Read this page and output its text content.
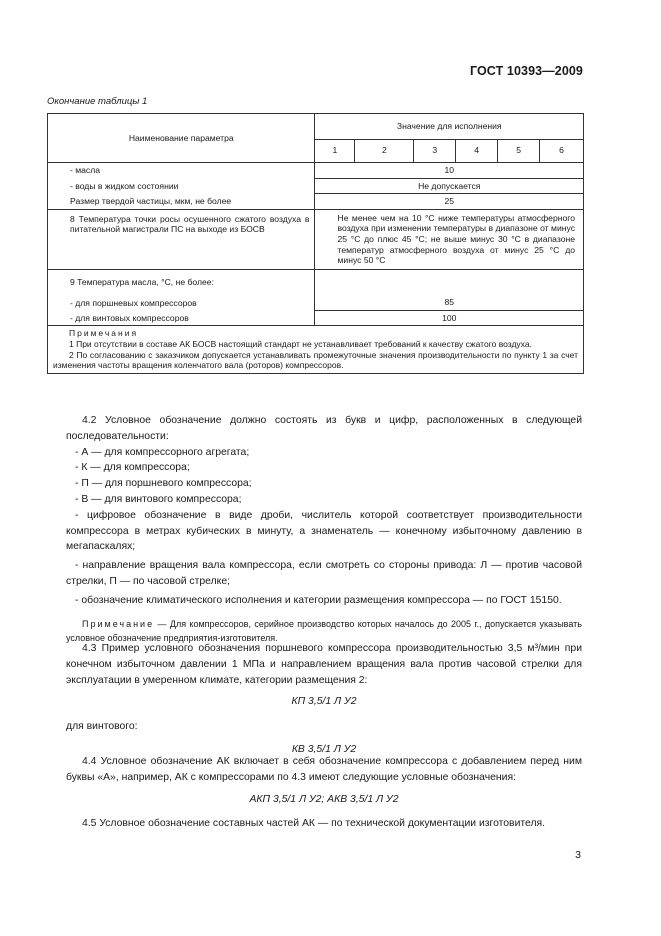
ГОСТ 10393—2009
Окончание таблицы 1
Наименование параметра	Значение для исполнения					
	1	2	3	4	5	6
- масла	10					
- воды в жидком состоянии	Не допускается					
Размер твердой частицы, мкм, не более	25					
8 Температура точки росы осушенного сжатого воздуха в питательной магистрали ПС на выходе из БОСВ	Не менее чем на 10 °С ниже температуры атмосферного воздуха при изменении температуры в диапазоне от минус 25 °С до плюс 45 °С; не выше минус 30 °С в диапазоне температур атмосферного воздуха от минус 25 °С до минус 50 °С					
9 Температура масла, °С, не более:						
- для поршневых компрессоров	85					
- для винтовых компрессоров	100					

Примечания
1 При отсутствии в составе АК БОСВ настоящий стандарт не устанавливает требований к качеству сжатого воздуха.
2 По согласованию с заказчиком допускается устанавливать промежуточные значения производительности по пункту 1 за счет изменения частоты вращения коленчатого вала (роторов) компрессоров.						
4.2 Условное обозначение должно состоять из букв и цифр, расположенных в следующей последовательности:
- А — для компрессорного агрегата;
- К — для компрессора;
- П — для поршневого компрессора;
- В — для винтового компрессора;
- цифровое обозначение в виде дроби, числитель которой соответствует производительности компрессора в метрах кубических в минуту, а знаменатель — конечному избыточному давлению в мегапаскалях;
- направление вращения вала компрессора, если смотреть со стороны привода: Л — против часовой стрелки, П — по часовой стрелке;
- обозначение климатического исполнения и категории размещения компрессора — по ГОСТ 15150.
Примечание — Для компрессоров, серийное производство которых началось до 2005 г., допускается указывать условное обозначение предприятия-изготовителя.
4.3 Пример условного обозначения поршневого компрессора производительностью 3,5 м³/мин при конечном избыточном давлении 1 МПа и направлением вращения вала против часовой стрелки для эксплуатации в умеренном климате, категории размещения 2:
КП 3,5/1 Л У2
для винтового:
КВ 3,5/1 Л У2
4.4 Условное обозначение АК включает в себя обозначение компрессора с добавлением перед ним буквы «А», например, АК с компрессорами по 4.3 имеют следующие условные обозначения:
АКП 3,5/1 Л У2; АКВ 3,5/1 Л У2
4.5 Условное обозначение составных частей АК — по технической документации изготовителя.
3
